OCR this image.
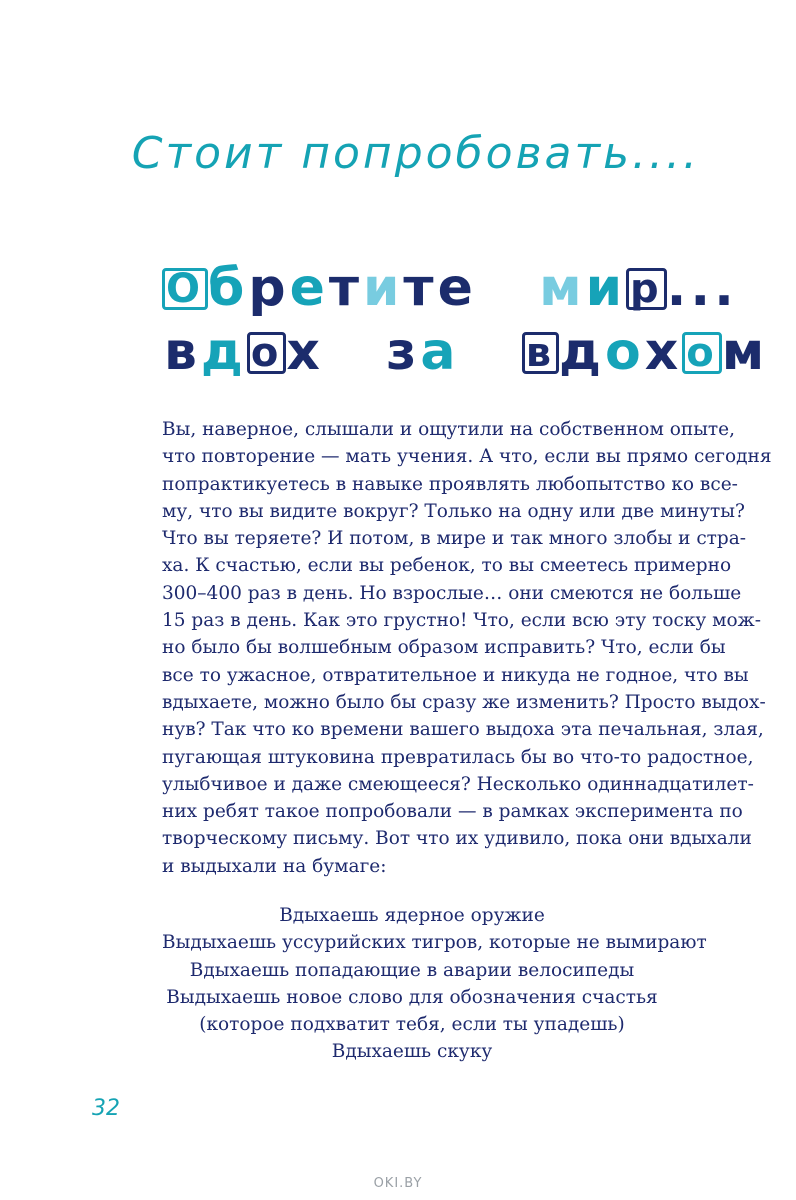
Стоит попробовать....
Обретите ми р...
вд ох за вдох ом
Вы, наверное, слышали и ощутили на собственном опыте,
что повторение — мать учения. А что, если вы прямо сегодня
попрактикуетесь в навыке проявлять любопытство ко все-
му, что вы видите вокруг? Только на одну или две минуты?
Что вы теряете? И потом, в мире и так много злобы и стра-
ха. К счастью, если вы ребенок, то вы смеетесь примерно
300–400 раз в день. Но взрослые… они смеются не больше
15 раз в день. Как это грустно! Что, если всю эту тоску мож-
но было бы волшебным образом исправить? Что, если бы
все то ужасное, отвратительное и никуда не годное, что вы
вдыхаете, можно было бы сразу же изменить? Просто выдох-
нув? Так что ко времени вашего выдоха эта печальная, злая,
пугающая штуковина превратилась бы во что-то радостное,
улыбчивое и даже смеющееся? Несколько одиннадцатилет-
них ребят такое попробовали — в рамках эксперимента по
творческому письму. Вот что их удивило, пока они вдыхали
и выдыхали на бумаге:
Вдыхаешь ядерное оружие
Выдыхаешь уссурийских тигров, которые не вымирают
Вдыхаешь попадающие в аварии велосипеды
Выдыхаешь новое слово для обозначения счастья
(которое подхватит тебя, если ты упадешь)
Вдыхаешь скуку
32
OKI.BY
